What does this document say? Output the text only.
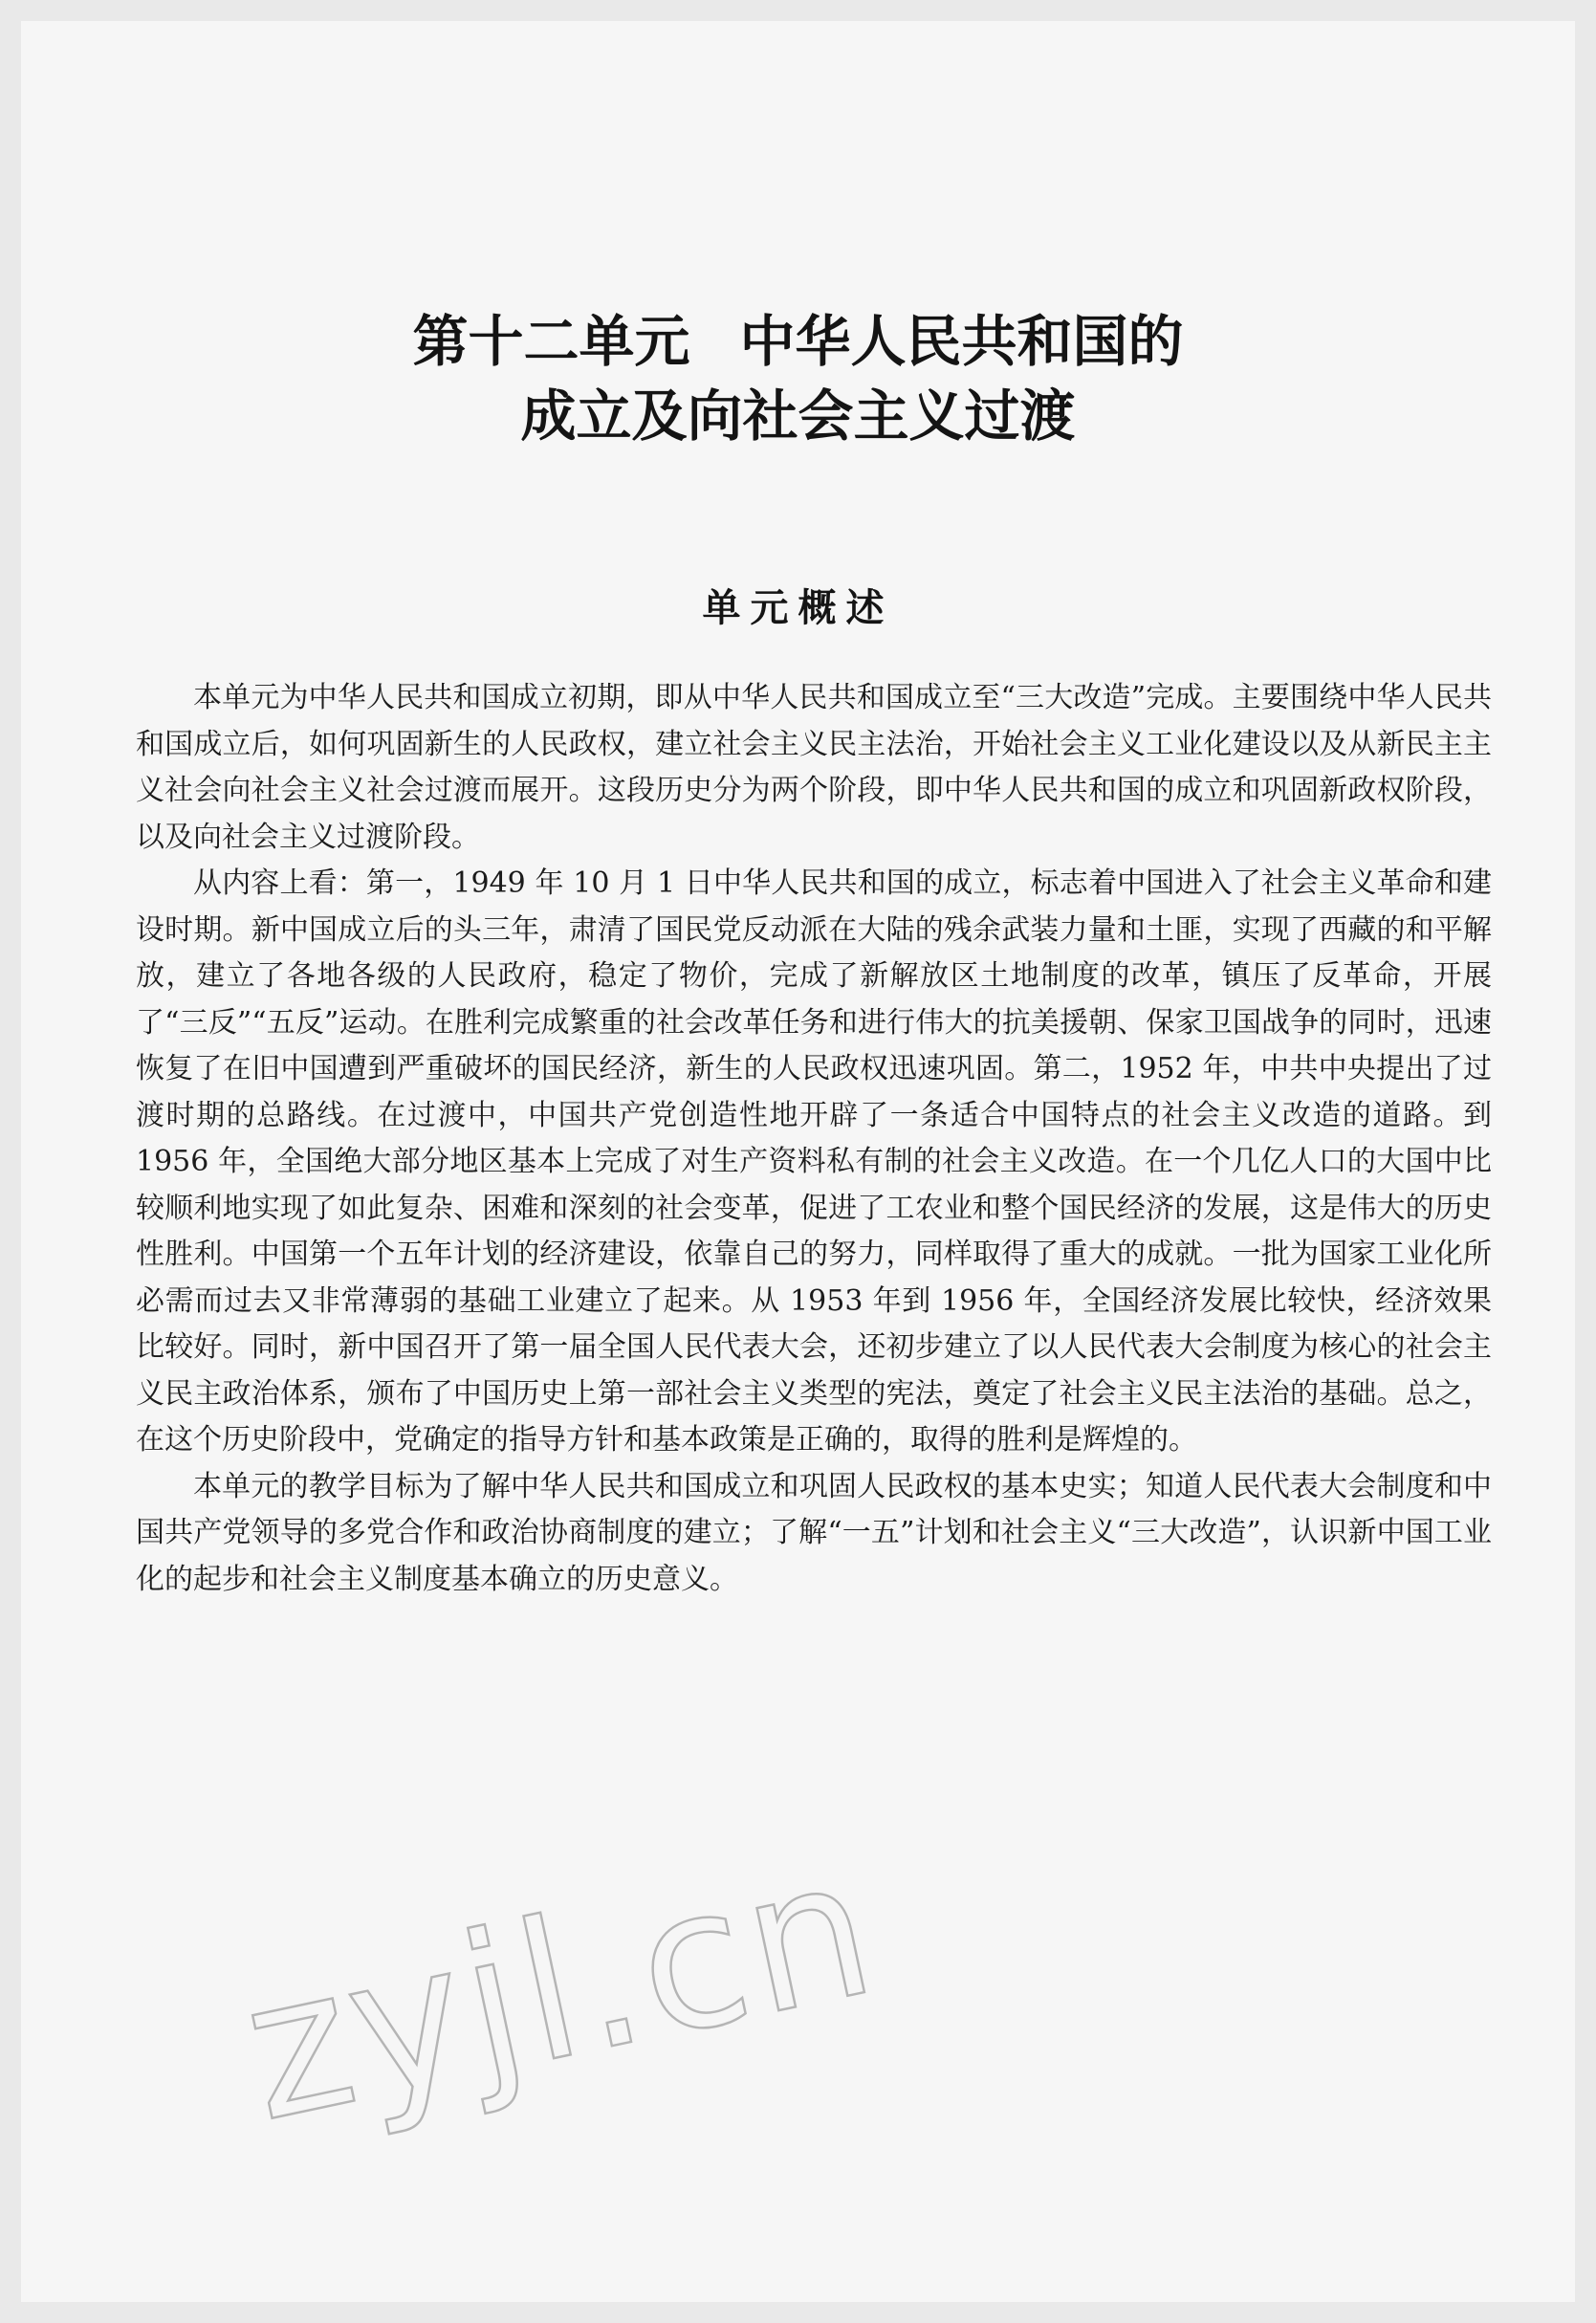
第十二单元 中华人民共和国的
成立及向社会主义过渡
单元概述

本单元为中华人民共和国成立初期，即从中华人民共和国成立至“三大改造”完成。主要围绕中华人民共和国成立后，如何巩固新生的人民政权，建立社会主义民主法治，开始社会主义工业化建设以及从新民主主义社会向社会主义社会过渡而展开。这段历史分为两个阶段，即中华人民共和国的成立和巩固新政权阶段，以及向社会主义过渡阶段。

从内容上看：第一，1949 年 10 月 1 日中华人民共和国的成立，标志着中国进入了社会主义革命和建设时期。新中国成立后的头三年，肃清了国民党反动派在大陆的残余武装力量和土匪，实现了西藏的和平解放，建立了各地各级的人民政府，稳定了物价，完成了新解放区土地制度的改革，镇压了反革命，开展了“三反”“五反”运动。在胜利完成繁重的社会改革任务和进行伟大的抗美援朝、保家卫国战争的同时，迅速恢复了在旧中国遭到严重破坏的国民经济，新生的人民政权迅速巩固。第二，1952 年，中共中央提出了过渡时期的总路线。在过渡中，中国共产党创造性地开辟了一条适合中国特点的社会主义改造的道路。到 1956 年，全国绝大部分地区基本上完成了对生产资料私有制的社会主义改造。在一个几亿人口的大国中比较顺利地实现了如此复杂、困难和深刻的社会变革，促进了工农业和整个国民经济的发展，这是伟大的历史性胜利。中国第一个五年计划的经济建设，依靠自己的努力，同样取得了重大的成就。一批为国家工业化所必需而过去又非常薄弱的基础工业建立了起来。从 1953 年到 1956 年，全国经济发展比较快，经济效果比较好。同时，新中国召开了第一届全国人民代表大会，还初步建立了以人民代表大会制度为核心的社会主义民主政治体系，颁布了中国历史上第一部社会主义类型的宪法，奠定了社会主义民主法治的基础。总之，在这个历史阶段中，党确定的指导方针和基本政策是正确的，取得的胜利是辉煌的。

本单元的教学目标为了解中华人民共和国成立和巩固人民政权的基本史实；知道人民代表大会制度和中国共产党领导的多党合作和政治协商制度的建立；了解“一五”计划和社会主义“三大改造”，认识新中国工业化的起步和社会主义制度基本确立的历史意义。

zyjl.cn
